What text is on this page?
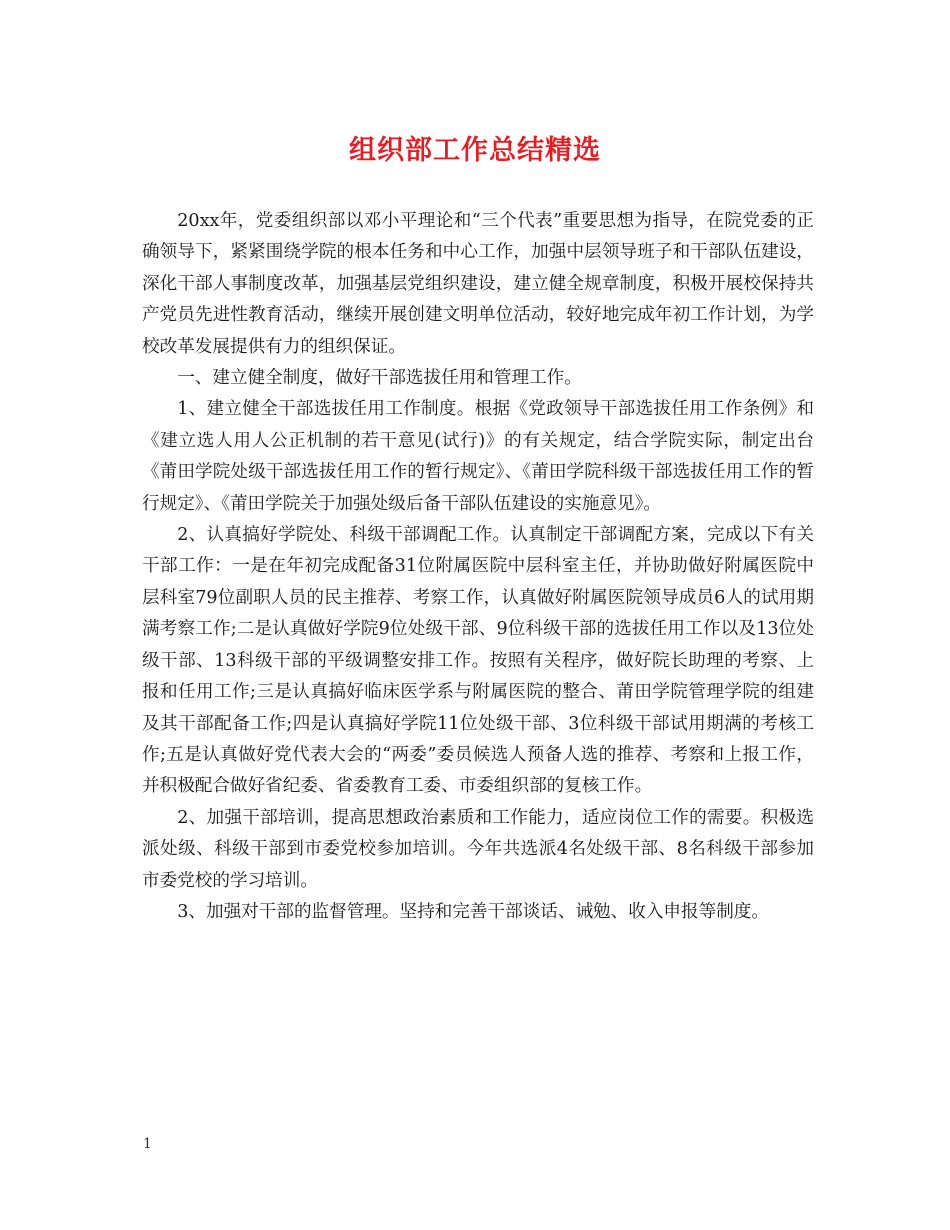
组织部工作总结精选

20xx年，党委组织部以邓小平理论和“三个代表”重要思想为指导，在院党委的正确领导下，紧紧围绕学院的根本任务和中心工作，加强中层领导班子和干部队伍建设，深化干部人事制度改革，加强基层党组织建设，建立健全规章制度，积极开展校保持共产党员先进性教育活动，继续开展创建文明单位活动，较好地完成年初工作计划，为学校改革发展提供有力的组织保证。

一、建立健全制度，做好干部选拔任用和管理工作。

1、建立健全干部选拔任用工作制度。根据《党政领导干部选拔任用工作条例》和《建立选人用人公正机制的若干意见(试行)》的有关规定，结合学院实际，制定出台《莆田学院处级干部选拔任用工作的暂行规定》、《莆田学院科级干部选拔任用工作的暂行规定》、《莆田学院关于加强处级后备干部队伍建设的实施意见》。

2、认真搞好学院处、科级干部调配工作。认真制定干部调配方案，完成以下有关干部工作：一是在年初完成配备31位附属医院中层科室主任，并协助做好附属医院中层科室79位副职人员的民主推荐、考察工作，认真做好附属医院领导成员6人的试用期满考察工作;二是认真做好学院9位处级干部、9位科级干部的选拔任用工作以及13位处级干部、13科级干部的平级调整安排工作。按照有关程序，做好院长助理的考察、上报和任用工作;三是认真搞好临床医学系与附属医院的整合、莆田学院管理学院的组建及其干部配备工作;四是认真搞好学院11位处级干部、3位科级干部试用期满的考核工作;五是认真做好党代表大会的“两委”委员候选人预备人选的推荐、考察和上报工作，并积极配合做好省纪委、省委教育工委、市委组织部的复核工作。

2、加强干部培训，提高思想政治素质和工作能力，适应岗位工作的需要。积极选派处级、科级干部到市委党校参加培训。今年共选派4名处级干部、8名科级干部参加市委党校的学习培训。

3、加强对干部的监督管理。坚持和完善干部谈话、诫勉、收入申报等制度。

1
